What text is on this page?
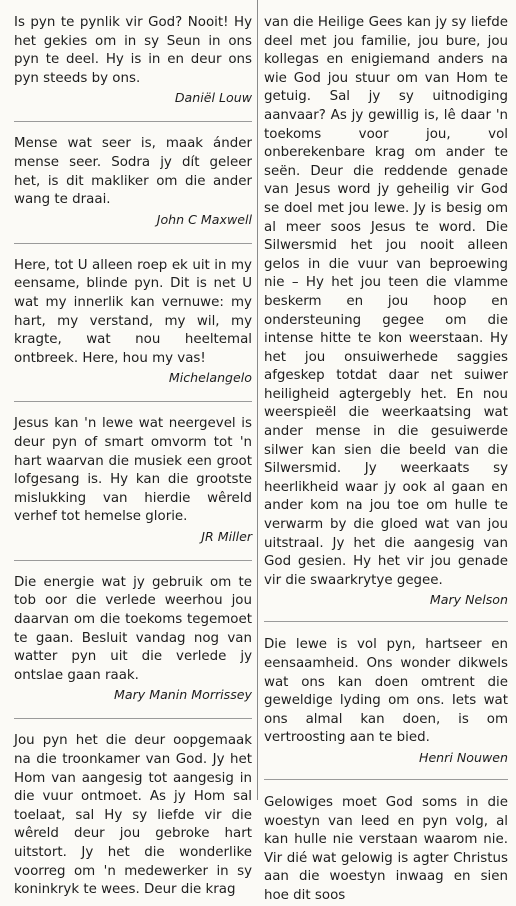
Is pyn te pynlik vir God? Nooit! Hy het gekies om in sy Seun in ons pyn te deel. Hy is in en deur ons pyn steeds by ons.

Daniël Louw

Mense wat seer is, maak ánder mense seer. Sodra jy dít geleer het, is dit makliker om die ander wang te draai.

John C Maxwell

Here, tot U alleen roep ek uit in my eensame, blinde pyn. Dit is net U wat my innerlik kan vernuwe: my hart, my verstand, my wil, my kragte, wat nou heeltemal ontbreek. Here, hou my vas!

Michelangelo

Jesus kan 'n lewe wat neergevel is deur pyn of smart omvorm tot 'n hart waarvan die musiek een groot lofgesang is. Hy kan die grootste mislukking van hierdie wêreld verhef tot hemelse glorie.

JR Miller

Die energie wat jy gebruik om te tob oor die verlede weerhou jou daarvan om die toekoms tegemoet te gaan. Besluit vandag nog van watter pyn uit die verlede jy ontslae gaan raak.

Mary Manin Morrissey

Jou pyn het die deur oopgemaak na die troonkamer van God. Jy het Hom van aangesig tot aangesig in die vuur ontmoet. As jy Hom sal toelaat, sal Hy sy liefde vir die wêreld deur jou gebroke hart uitstort. Jy het die wonderlike voorreg om 'n medewerker in sy koninkryk te wees. Deur die krag

van die Heilige Gees kan jy sy liefde deel met jou familie, jou bure, jou kollegas en enigiemand anders na wie God jou stuur om van Hom te getuig. Sal jy sy uitnodiging aanvaar? As jy gewillig is, lê daar 'n toekoms voor jou, vol onberekenbare krag om ander te seën. Deur die reddende genade van Jesus word jy geheilig vir God se doel met jou lewe. Jy is besig om al meer soos Jesus te word. Die Silwersmid het jou nooit alleen gelos in die vuur van beproewing nie – Hy het jou teen die vlamme beskerm en jou hoop en ondersteuning gegee om die intense hitte te kon weerstaan. Hy het jou onsuiwerhede saggies afgeskep totdat daar net suiwer heiligheid agtergebly het. En nou weerspieël die weerkaatsing wat ander mense in die gesuiwerde silwer kan sien die beeld van die Silwersmid. Jy weerkaats sy heerlikheid waar jy ook al gaan en ander kom na jou toe om hulle te verwarm by die gloed wat van jou uitstraal. Jy het die aangesig van God gesien. Hy het vir jou genade vir die swaarkrytye gegee.

Mary Nelson

Die lewe is vol pyn, hartseer en eensaamheid. Ons wonder dikwels wat ons kan doen omtrent die geweldige lyding om ons. Iets wat ons almal kan doen, is om vertroosting aan te bied.

Henri Nouwen

Gelowiges moet God soms in die woestyn van leed en pyn volg, al kan hulle nie verstaan waarom nie. Vir dié wat gelowig is agter Christus aan die woestyn inwaag en sien hoe dit soos
